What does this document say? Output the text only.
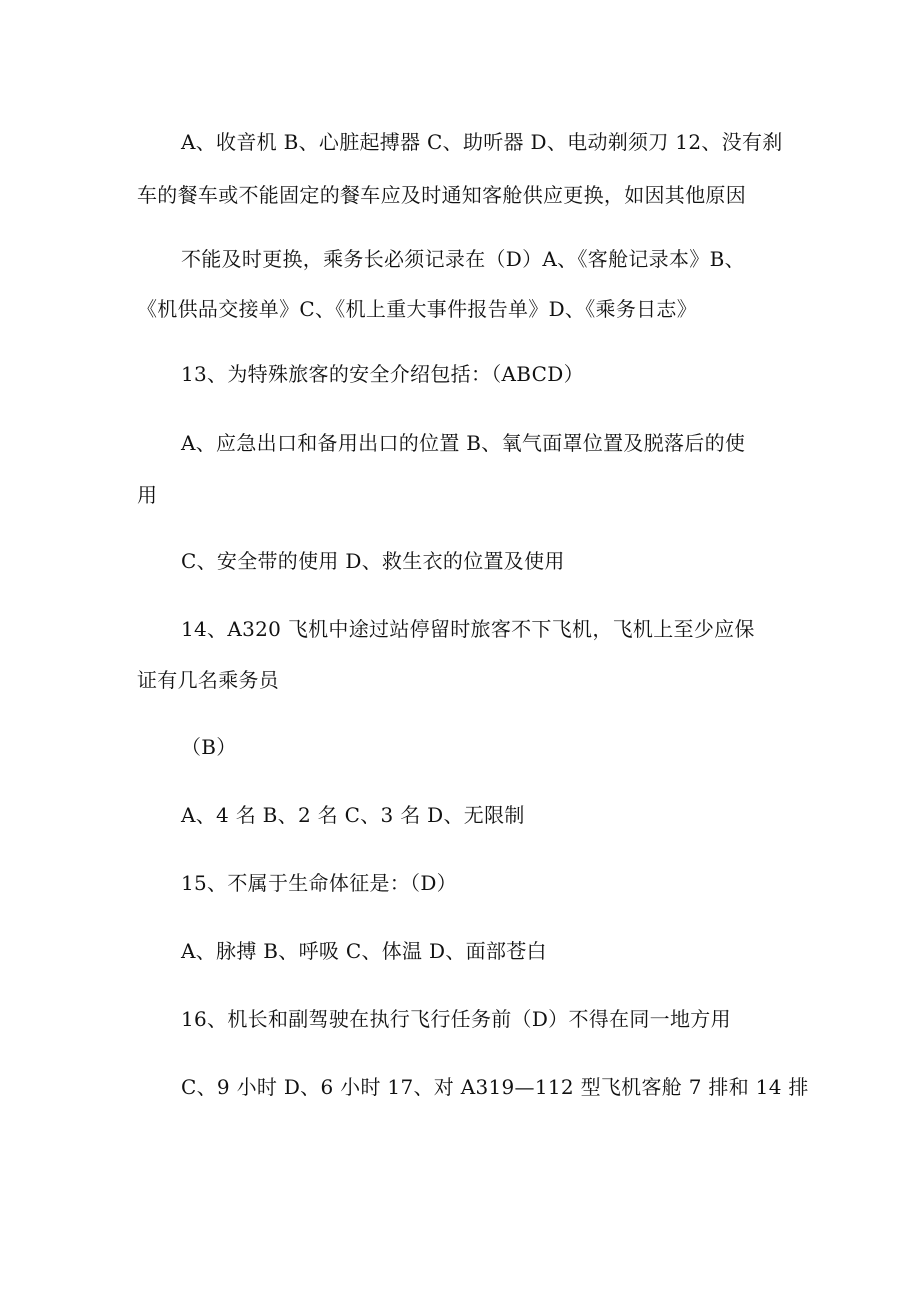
A、收音机 B、心脏起搏器 C、助听器 D、电动剃须刀 12、没有刹

车的餐车或不能固定的餐车应及时通知客舱供应更换，如因其他原因

不能及时更换，乘务长必须记录在（D）A、《客舱记录本》B、

《机供品交接单》C、《机上重大事件报告单》D、《乘务日志》

13、为特殊旅客的安全介绍包括：（ABCD）

A、应急出口和备用出口的位置 B、氧气面罩位置及脱落后的使

用

C、安全带的使用 D、救生衣的位置及使用

14、A320 飞机中途过站停留时旅客不下飞机，飞机上至少应保

证有几名乘务员

（B）

A、4 名 B、2 名 C、3 名 D、无限制

15、不属于生命体征是：（D）

A、脉搏 B、呼吸 C、体温 D、面部苍白

16、机长和副驾驶在执行飞行任务前（D）不得在同一地方用

C、9 小时 D、6 小时 17、对 A319—112 型飞机客舱 7 排和 14 排
